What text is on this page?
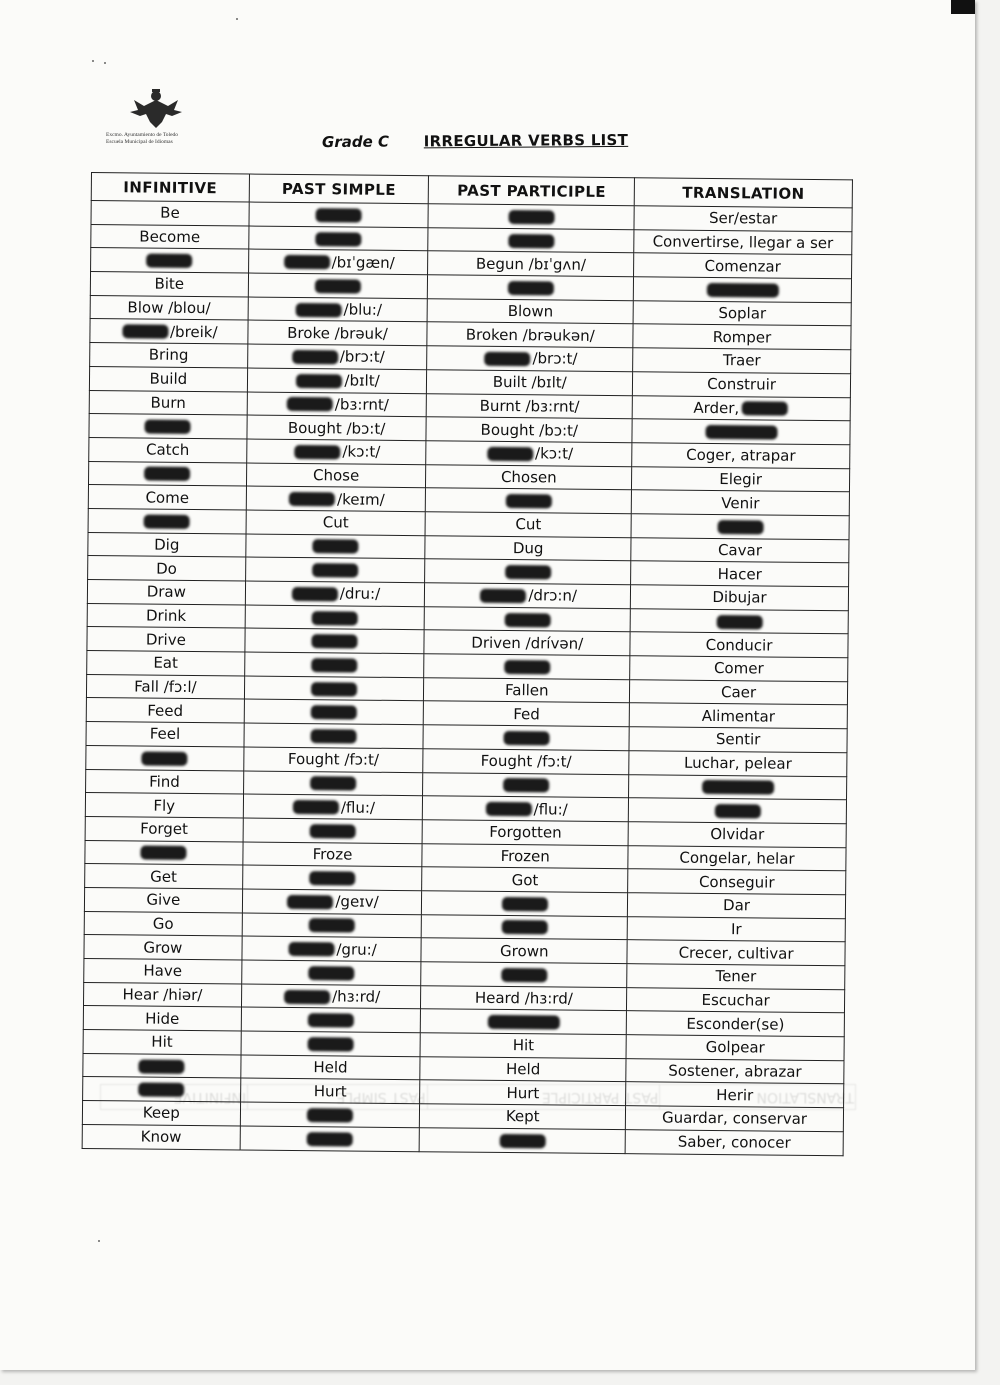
TRANSLATION	PAST PARTICIPLE	PAST SIMPLE	INFINITIVE
Excmo. Ayuntamiento de Toledo
Escuela Municipal de Idiomas	Grade C IRREGULAR VERBS LIST
INFINITIVE	PAST SIMPLE	PAST PARTICIPLE	TRANSLATION
Be			Ser/estar
Become			Convertirse, llegar a ser
	/bɪˈgæn/	Begun /bɪˈgʌn/	Comenzar
Bite			
Blow /blou/	/blu:/	Blown	Soplar
/breik/	Broke /brəuk/	Broken /brəukən/	Romper
Bring	/brɔ:t/	/brɔ:t/	Traer
Build	/bɪlt/	Built /bɪlt/	Construir
Burn	/bɜ:rnt/	Burnt /bɜ:rnt/	Arder,
	Bought /bɔ:t/	Bought /bɔ:t/	
Catch	/kɔ:t/	/kɔ:t/	Coger, atrapar
	Chose	Chosen	Elegir
Come	/keɪm/		Venir
	Cut	Cut	
Dig		Dug	Cavar
Do			Hacer
Draw	/dru:/	/drɔ:n/	Dibujar
Drink			
Drive		Driven /drívən/	Conducir
Eat			Comer
Fall /fɔ:l/		Fallen	Caer
Feed		Fed	Alimentar
Feel			Sentir
	Fought /fɔ:t/	Fought /fɔ:t/	Luchar, pelear
Find			
Fly	/flu:/	/flu:/	
Forget		Forgotten	Olvidar
	Froze	Frozen	Congelar, helar
Get		Got	Conseguir
Give	/geɪv/		Dar
Go			Ir
Grow	/gru:/	Grown	Crecer, cultivar
Have			Tener
Hear /hiər/	/hɜ:rd/	Heard /hɜ:rd/	Escuchar
Hide			Esconder(se)
Hit		Hit	Golpear
	Held	Held	Sostener, abrazar
	Hurt	Hurt	Herir
Keep		Kept	Guardar, conservar
Know			Saber, conocer
